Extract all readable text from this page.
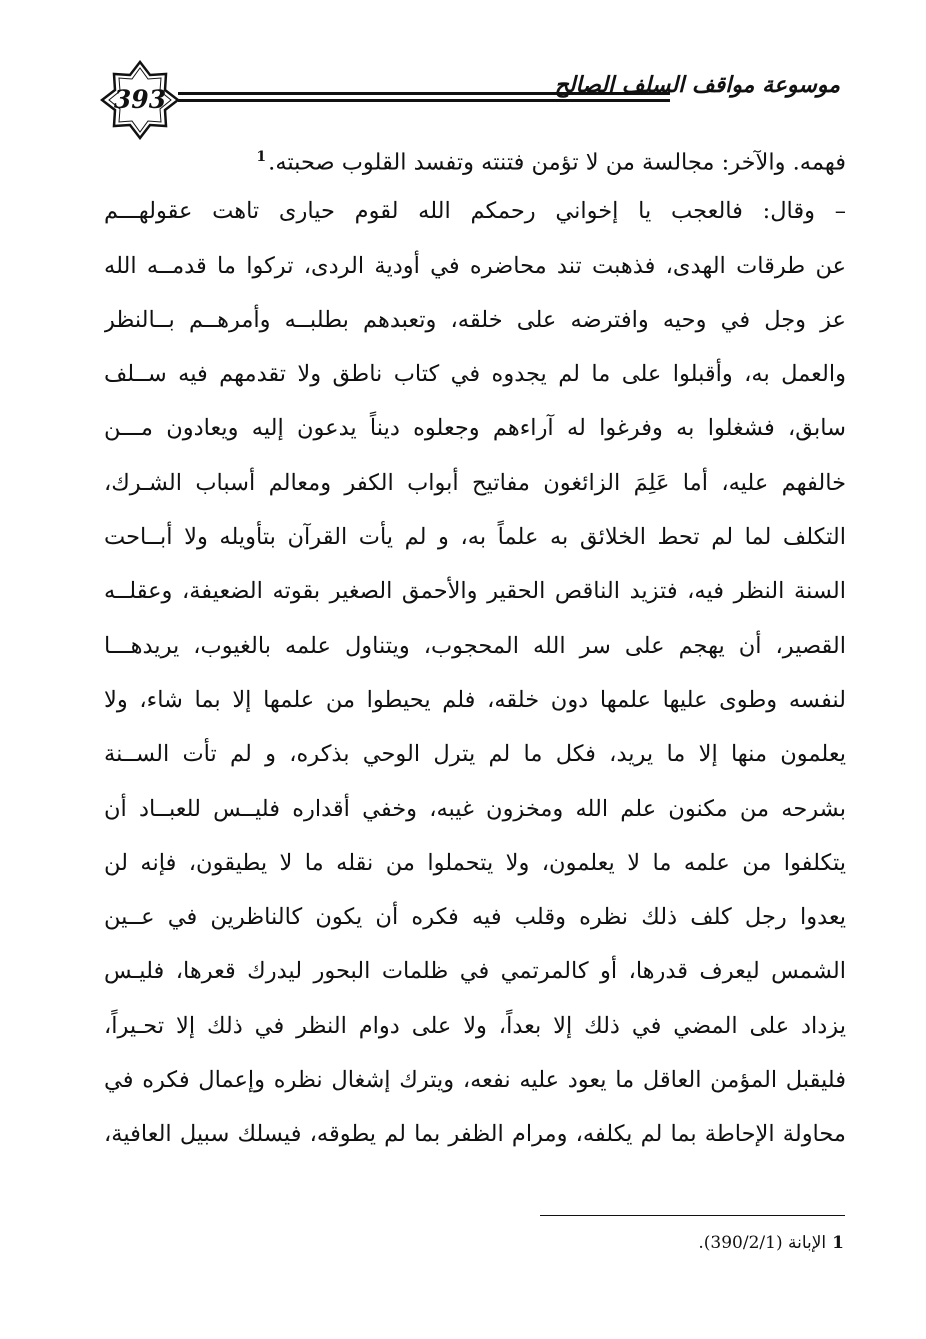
393	موسوعة مواقف السلف الصالح
فهمه. والآخر: مجالسة من لا تؤمن فتنته وتفسد القلوب صحبته.$^1$
– وقال: فالعجب يا إخواني رحمكم الله لقوم حيارى تاهت عقولهـــم
عن طرقات الهدى، فذهبت تند محاضره في أودية الردى، تركوا ما قدمــه الله
عز وجل في وحيه وافترضه على خلقه، وتعبدهم بطلبــه وأمرهــم بــالنظر
والعمل به، وأقبلوا على ما لم يجدوه في كتاب ناطق ولا تقدمهم فيه ســلف
سابق، فشغلوا به وفرغوا له آراءهم وجعلوه ديناً يدعون إليه ويعادون مـــن
خالفهم عليه، أما عَلِمَ الزائغون مفاتيح أبواب الكفر ومعالم أسباب الشـرك،
التكلف لما لم تحط الخلائق به علماً به، و لم يأت القرآن بتأويله ولا أبــاحت
السنة النظر فيه، فتزيد الناقص الحقير والأحمق الصغير بقوته الضعيفة، وعقلــه
القصير، أن يهجم على سر الله المحجوب، ويتناول علمه بالغيوب، يريدهـــا
لنفسه وطوى عليها علمها دون خلقه، فلم يحيطوا من علمها إلا بما شاء، ولا
يعلمون منها إلا ما يريد، فكل ما لم يترل الوحي بذكره، و لم تأت الســنة
بشرحه من مكنون علم الله ومخزون غيبه، وخفي أقداره فليــس للعبــاد أن
يتكلفوا من علمه ما لا يعلمون، ولا يتحملوا من نقله ما لا يطيقون، فإنه لن
يعدوا رجل كلف ذلك نظره وقلب فيه فكره أن يكون كالناظرين في عــين
الشمس ليعرف قدرها، أو كالمرتمي في ظلمات البحور ليدرك قعرها، فليـس
يزداد على المضي في ذلك إلا بعداً، ولا على دوام النظر في ذلك إلا تحـيراً،
فليقبل المؤمن العاقل ما يعود عليه نفعه، ويترك إشغال نظره وإعمال فكره في
محاولة الإحاطة بما لم يكلفه، ومرام الظفر بما لم يطوقه، فيسلك سبيل العافية،
1الإبانة (390/2/1).
